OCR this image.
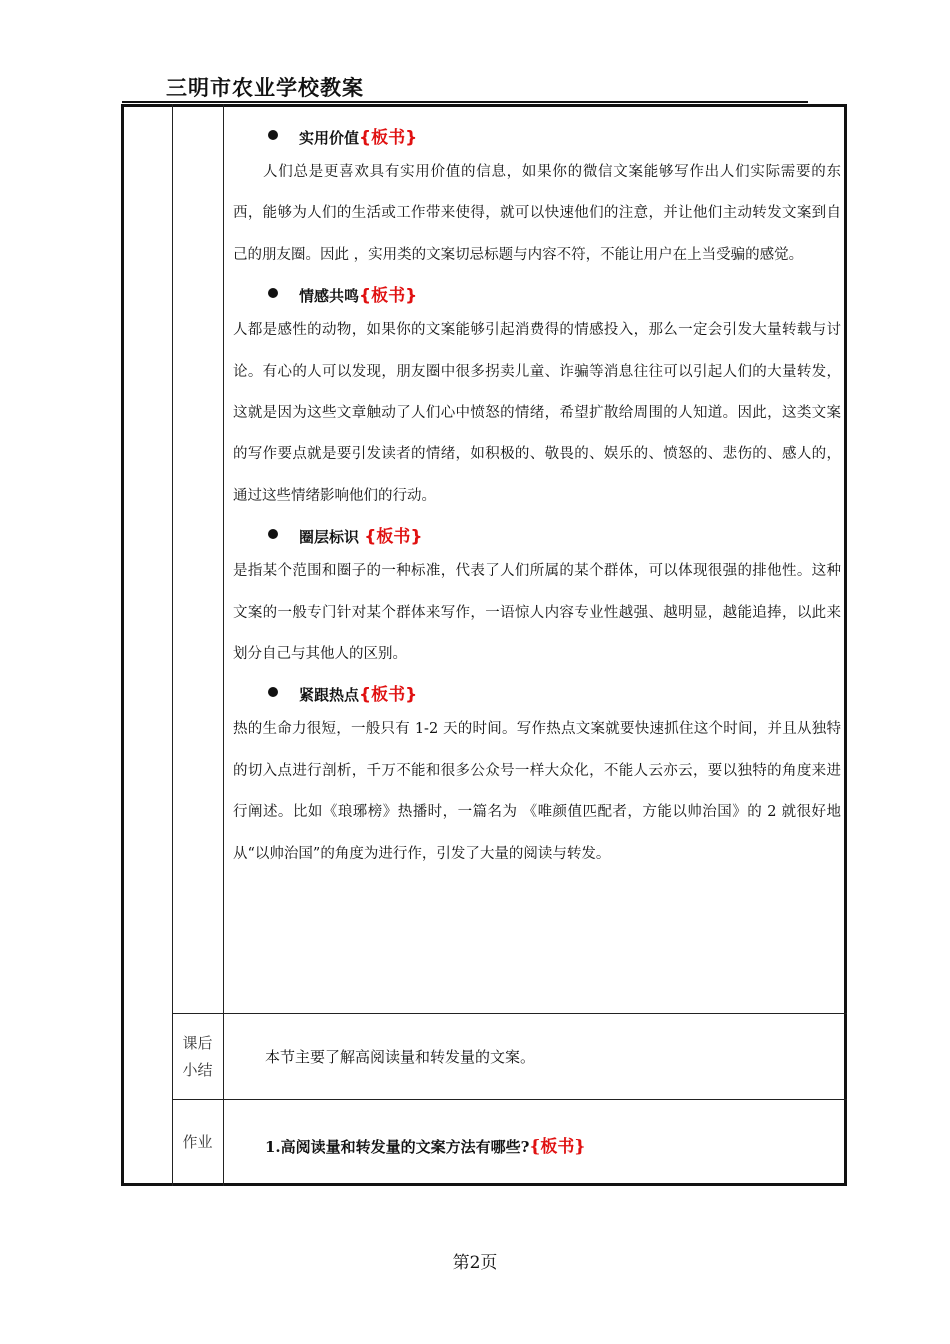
三明市农业学校教案
实用价值{板书}

人们总是更喜欢具有实用价值的信息，如果你的微信文案能够写作出人们实际需要的东西，能够为人们的生活或工作带来使得，就可以快速他们的注意，并让他们主动转发文案到自己的朋友圈。因此 ，实用类的文案切忌标题与内容不符，不能让用户在上当受骗的感觉。

情感共鸣{板书}

人都是感性的动物，如果你的文案能够引起消费得的情感投入，那么一定会引发大量转载与讨论。有心的人可以发现，朋友圈中很多拐卖儿童、诈骗等消息往往可以引起人们的大量转发，这就是因为这些文章触动了人们心中愤怒的情绪，希望扩散给周围的人知道。因此，这类文案的写作要点就是要引发读者的情绪，如积极的、敬畏的、娱乐的、愤怒的、悲伤的、感人的，通过这些情绪影响他们的行动。

圈层标识 {板书}

是指某个范围和圈子的一种标准，代表了人们所属的某个群体，可以体现很强的排他性。这种文案的一般专门针对某个群体来写作，一语惊人内容专业性越强、越明显，越能追捧，以此来划分自己与其他人的区别。

紧跟热点{板书}

热的生命力很短，一般只有 1-2 天的时间。写作热点文案就要快速抓住这个时间，并且从独特的切入点进行剖析，千万不能和很多公众号一样大众化，不能人云亦云，要以独特的角度来进行阐述。比如《琅琊榜》热播时，一篇名为 《唯颜值匹配者，方能以帅治国》的 2 就很好地从“以帅治国”的角度为进行作，引发了大量的阅读与转发。

课后
小结
本节主要了解高阅读量和转发量的文案。
作业	1.高阅读量和转发量的文案方法有哪些?{板书}
第2页
